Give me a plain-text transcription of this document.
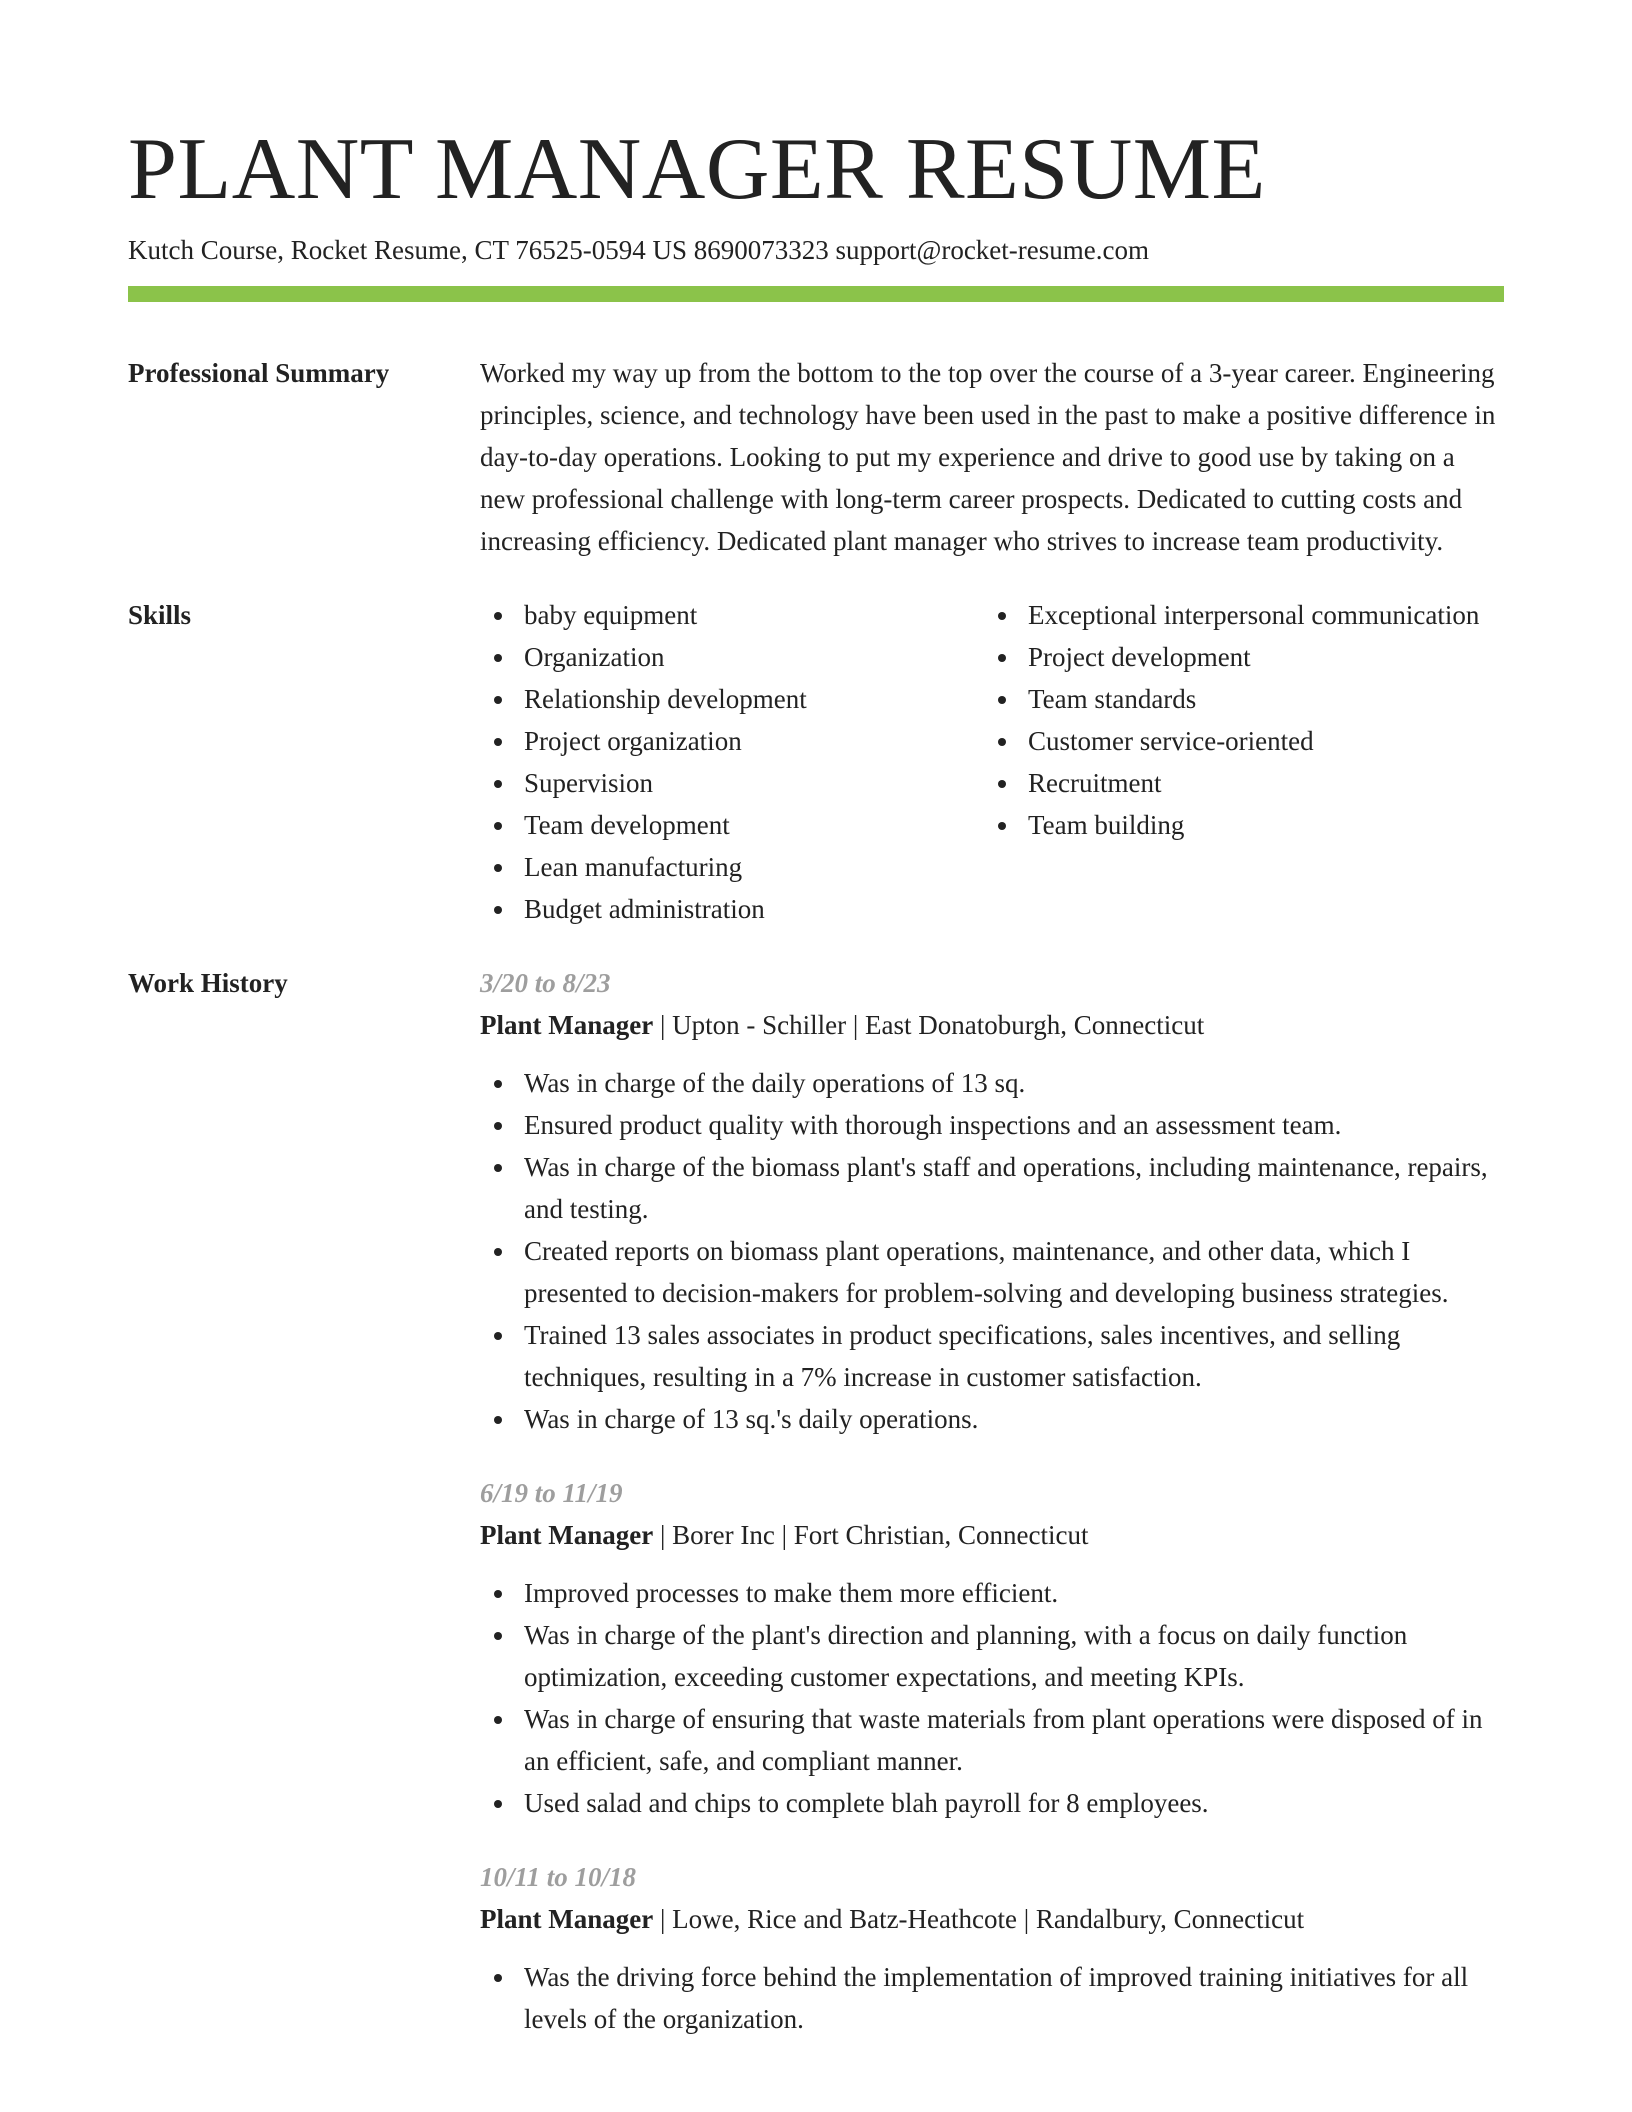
PLANT MANAGER RESUME
Kutch Course, Rocket Resume, CT 76525-0594 US 8690073323 support@rocket-resume.com
Professional Summary	Worked my way up from the bottom to the top over the course of a 3-year career. Engineering principles, science, and technology have been used in the past to make a positive difference in day-to-day operations. Looking to put my experience and drive to good use by taking on a new professional challenge with long-term career prospects. Dedicated to cutting costs and increasing efficiency. Dedicated plant manager who strives to increase team productivity.
Skills	baby equipment
Organization
Relationship development
Project organization
Supervision
Team development
Lean manufacturing
Budget administration
Exceptional interpersonal communication
Project development
Team standards
Customer service-oriented
Recruitment
Team building
Work History	3/20 to 8/23
Plant Manager | Upton - Schiller | East Donatoburgh, Connecticut
Was in charge of the daily operations of 13 sq.
Ensured product quality with thorough inspections and an assessment team.
Was in charge of the biomass plant's staff and operations, including maintenance, repairs, and testing.
Created reports on biomass plant operations, maintenance, and other data, which I presented to decision-makers for problem-solving and developing business strategies.
Trained 13 sales associates in product specifications, sales incentives, and selling techniques, resulting in a 7% increase in customer satisfaction.
Was in charge of 13 sq.'s daily operations.
6/19 to 11/19
Plant Manager | Borer Inc | Fort Christian, Connecticut
Improved processes to make them more efficient.
Was in charge of the plant's direction and planning, with a focus on daily function optimization, exceeding customer expectations, and meeting KPIs.
Was in charge of ensuring that waste materials from plant operations were disposed of in an efficient, safe, and compliant manner.
Used salad and chips to complete blah payroll for 8 employees.
10/11 to 10/18
Plant Manager | Lowe, Rice and Batz-Heathcote | Randalbury, Connecticut
Was the driving force behind the implementation of improved training initiatives for all levels of the organization.
